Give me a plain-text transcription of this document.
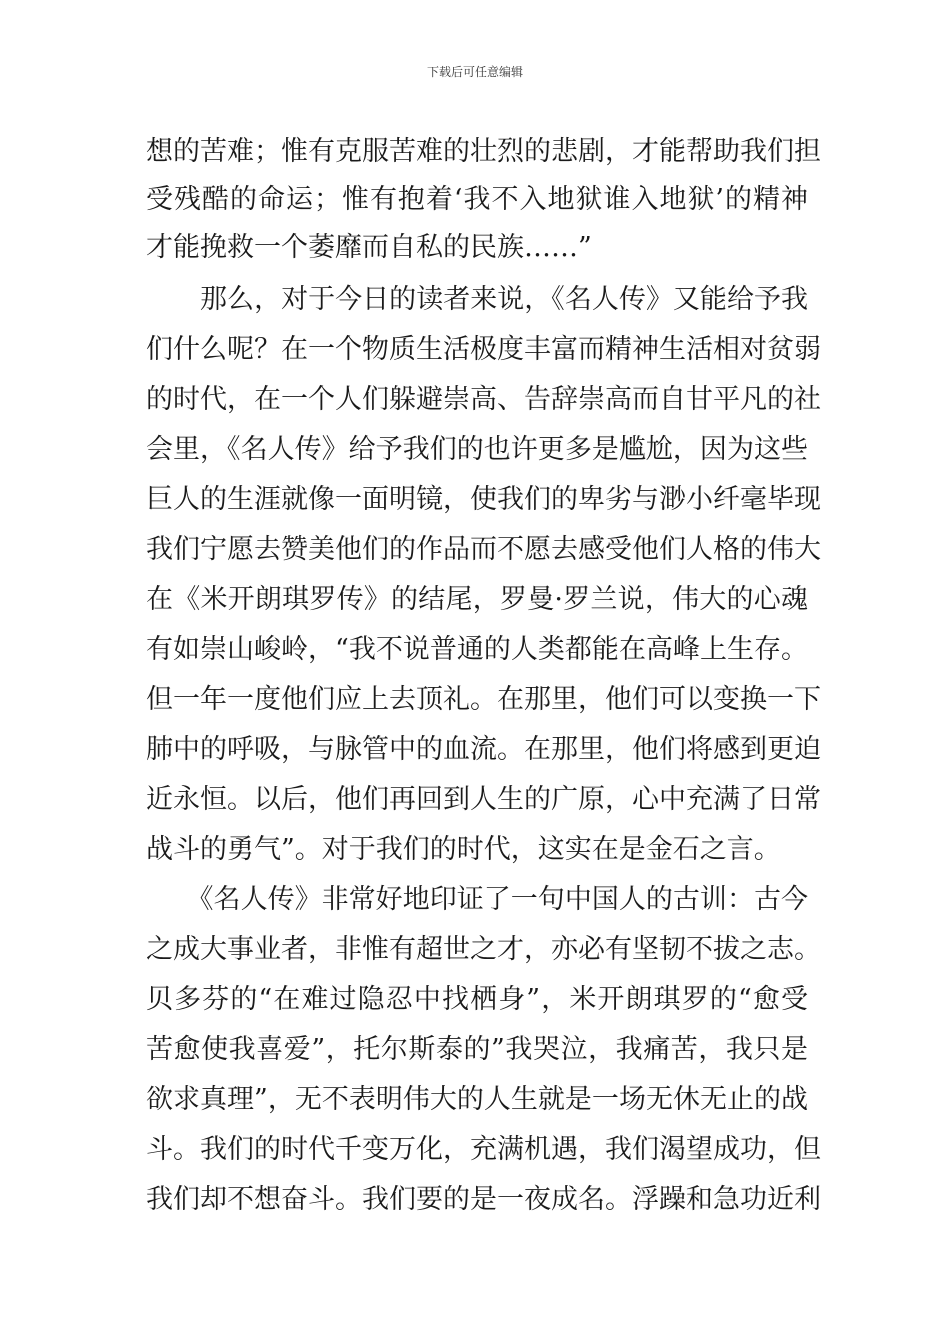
下载后可任意编辑
想的苦难；惟有克服苦难的壮烈的悲剧，才能帮助我们担
受残酷的命运；惟有抱着‘我不入地狱谁入地狱’的精神
才能挽救一个萎靡而自私的民族……”
　　那么，对于今日的读者来说，《名人传》又能给予我
们什么呢？在一个物质生活极度丰富而精神生活相对贫弱
的时代，在一个人们躲避崇高、告辞崇高而自甘平凡的社
会里，《名人传》给予我们的也许更多是尴尬，因为这些
巨人的生涯就像一面明镜，使我们的卑劣与渺小纤毫毕现
我们宁愿去赞美他们的作品而不愿去感受他们人格的伟大
在《米开朗琪罗传》的结尾，罗曼·罗兰说，伟大的心魂
有如崇山峻岭，“我不说普通的人类都能在高峰上生存。
但一年一度他们应上去顶礼。在那里，他们可以变换一下
肺中的呼吸，与脉管中的血流。在那里，他们将感到更迫
近永恒。以后，他们再回到人生的广原，心中充满了日常
战斗的勇气”。对于我们的时代，这实在是金石之言。
　　《名人传》非常好地印证了一句中国人的古训：古今
之成大事业者，非惟有超世之才，亦必有坚韧不拔之志。
贝多芬的“在难过隐忍中找栖身”，米开朗琪罗的“愈受
苦愈使我喜爱”，托尔斯泰的”我哭泣，我痛苦，我只是
欲求真理”，无不表明伟大的人生就是一场无休无止的战
斗。我们的时代千变万化，充满机遇，我们渴望成功，但
我们却不想奋斗。我们要的是一夜成名。浮躁和急功近利
